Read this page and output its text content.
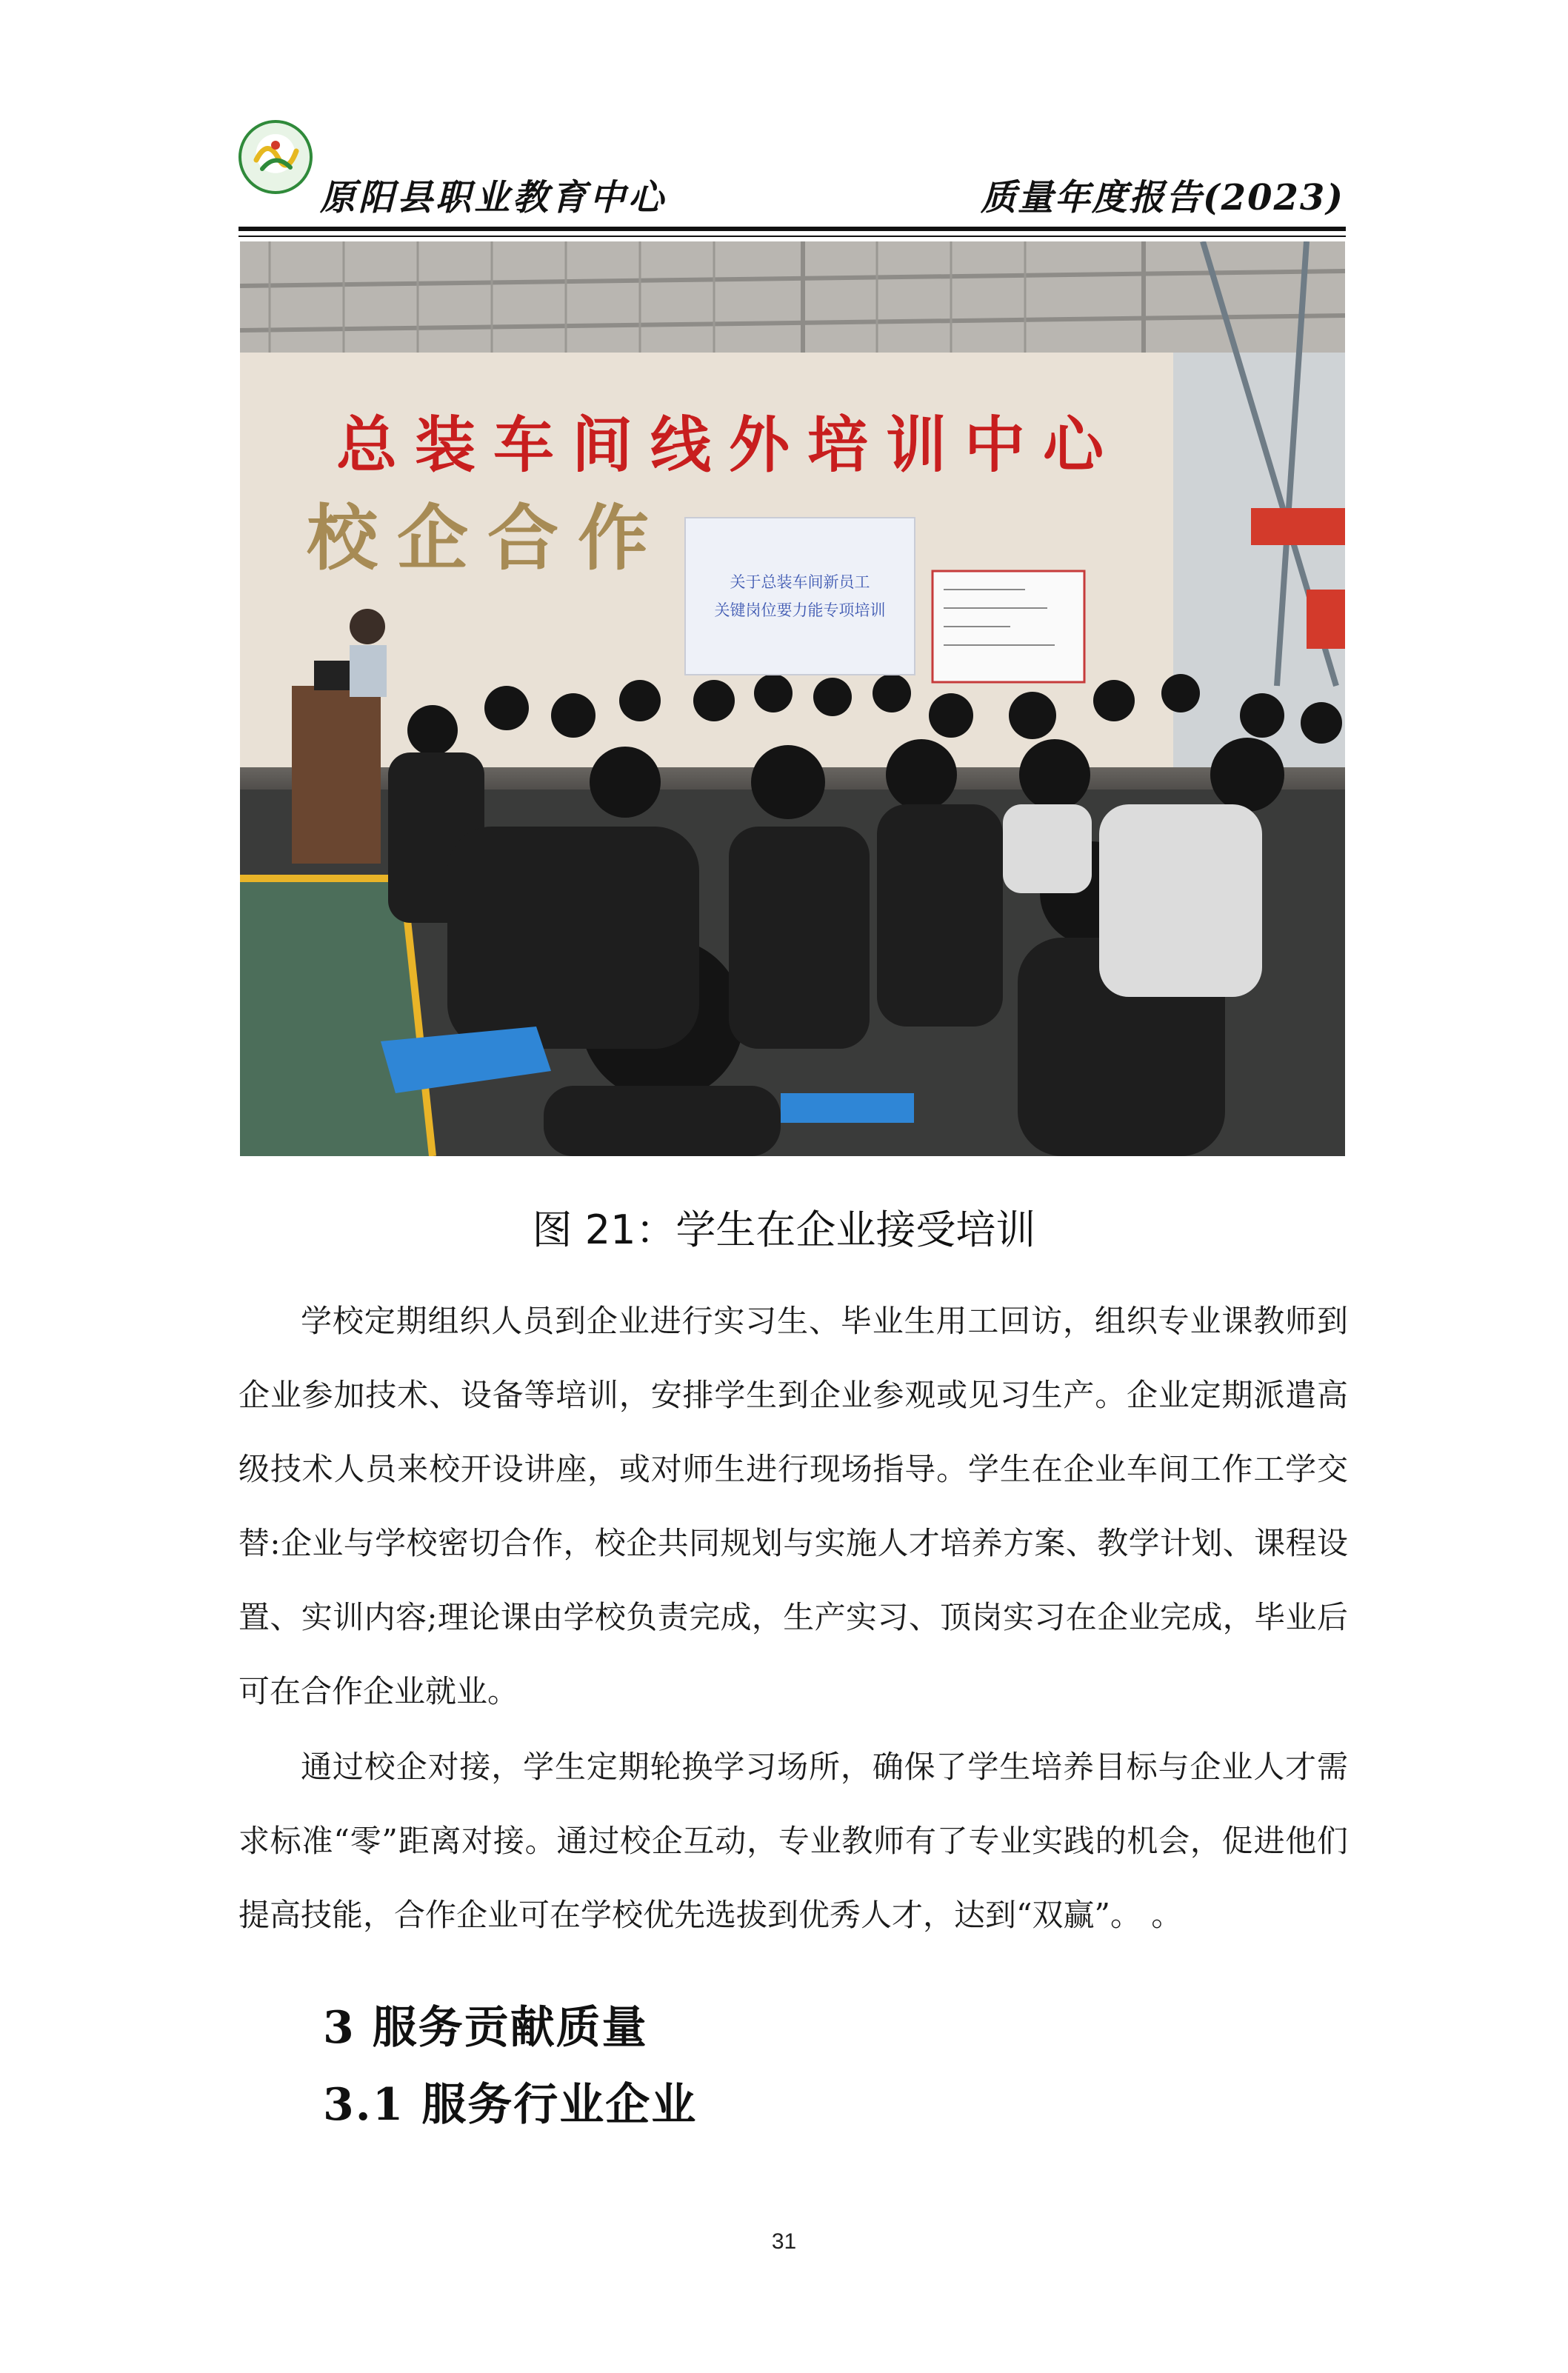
原阳县职业教育中心	质量年度报告(2023)
总装车间线外培训中心
校企合作
关于总装车间新员工
关键岗位要力能专项培训
图 21：学生在企业接受培训
学校定期组织人员到企业进行实习生、毕业生用工回访，组织专业课教师到企业参加技术、设备等培训，安排学生到企业参观或见习生产。企业定期派遣高级技术人员来校开设讲座，或对师生进行现场指导。学生在企业车间工作工学交替:企业与学校密切合作，校企共同规划与实施人才培养方案、教学计划、课程设置、实训内容;理论课由学校负责完成，生产实习、顶岗实习在企业完成，毕业后可在合作企业就业。
通过校企对接，学生定期轮换学习场所，确保了学生培养目标与企业人才需求标准“零”距离对接。通过校企互动，专业教师有了专业实践的机会，促进他们提高技能，合作企业可在学校优先选拔到优秀人才，达到“双赢”。 。
3 服务贡献质量
3.1 服务行业企业
31
